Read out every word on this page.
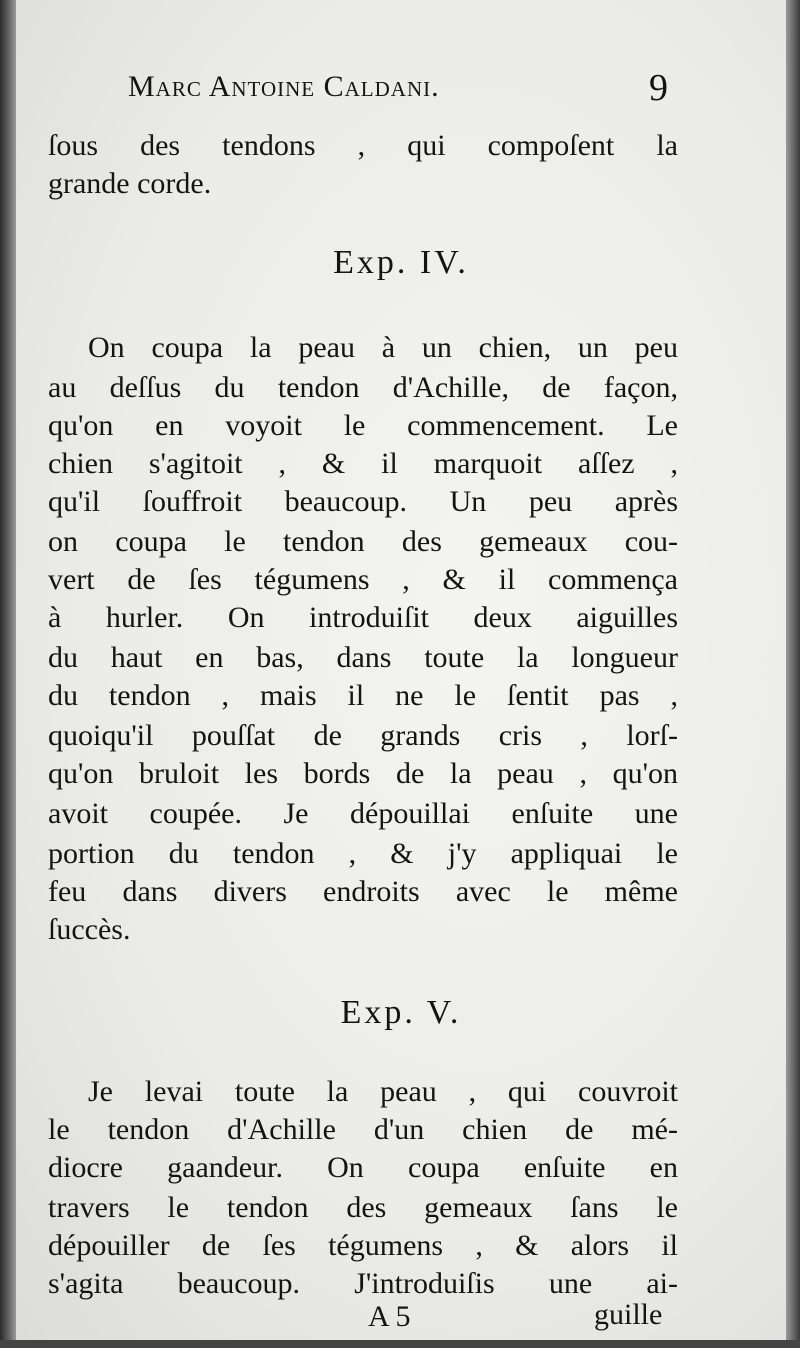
Marc Antoine Caldani.	9
ſous des tendons , qui compoſent la
grande corde.
Exp. IV.
On coupa la peau à un chien, un peu
au deſſus du tendon d'Achille, de façon,
qu'on en voyoit le commencement. Le
chien s'agitoit , & il marquoit aſſez ,
qu'il ſouffroit beaucoup. Un peu après
on coupa le tendon des gemeaux cou-
vert de ſes tégumens , & il commença
à hurler. On introduiſit deux aiguilles
du haut en bas, dans toute la longueur
du tendon , mais il ne le ſentit pas ,
quoiqu'il pouſſat de grands cris , lorſ-
qu'on bruloit les bords de la peau , qu'on
avoit coupée. Je dépouillai enſuite une
portion du tendon , & j'y appliquai le
feu dans divers endroits avec le même
ſuccès.
Exp. V.
Je levai toute la peau , qui couvroit
le tendon d'Achille d'un chien de mé-
diocre gaandeur. On coupa enſuite en
travers le tendon des gemeaux ſans le
dépouiller de ſes tégumens , & alors il
s'agita beaucoup. J'introduiſis une ai-
A 5	guille
